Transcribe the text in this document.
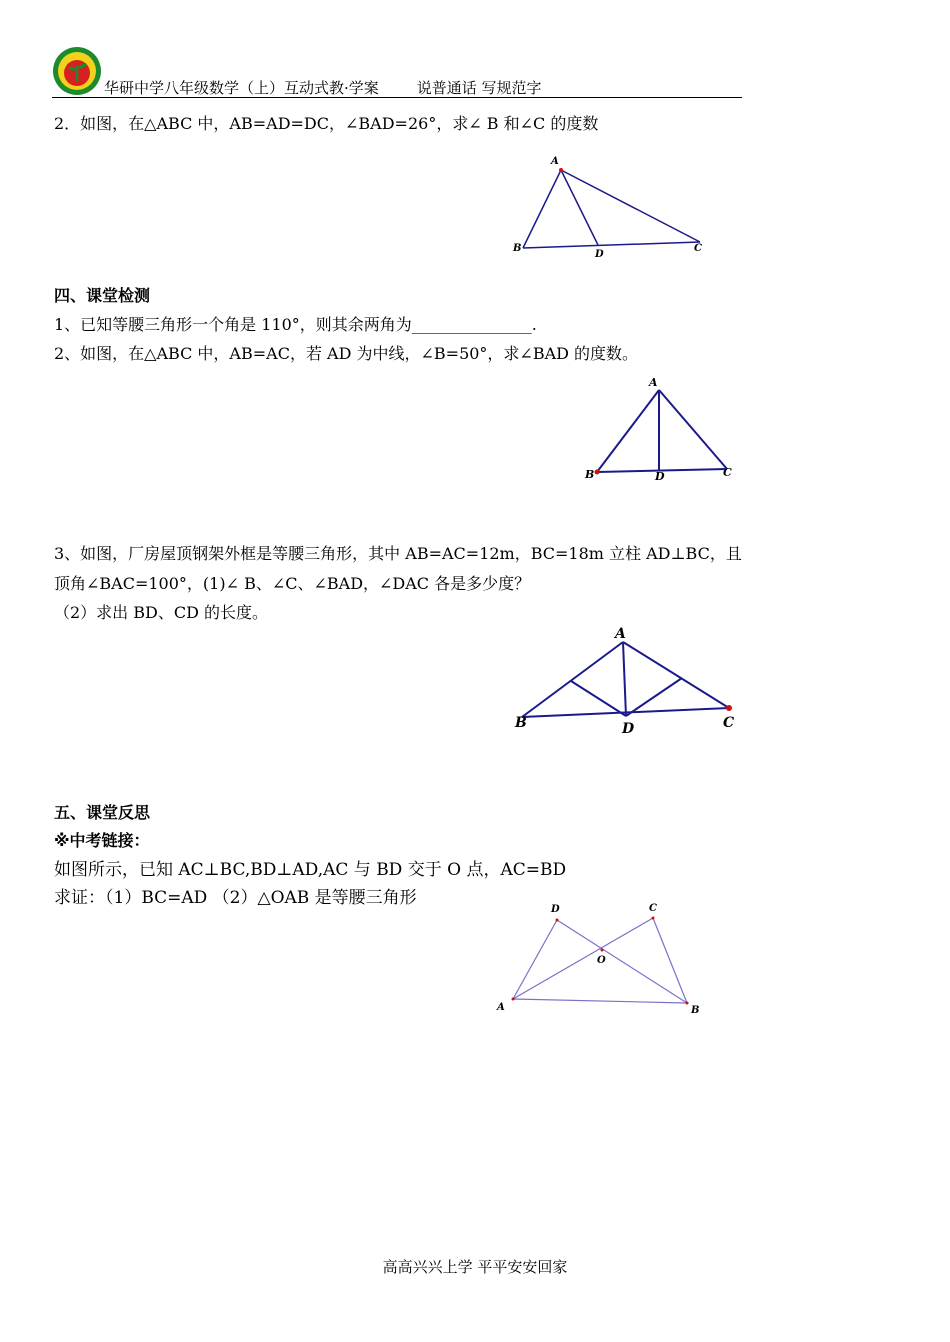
华研中学八年级数学（上）互动式教·学案	说普通话 写规范字
2．如图，在△ABC 中，AB=AD=DC，∠BAD=26°，求∠ B 和∠C 的度数
A
B	C
D
四、课堂检测
1、已知等腰三角形一个角是 110°，则其余两角为_______________.
2、如图，在△ABC 中，AB=AC，若 AD 为中线，∠B=50°，求∠BAD 的度数。
A
B	C
D
3、如图，厂房屋顶钢架外框是等腰三角形，其中 AB=AC=12m，BC=18m 立柱 AD⊥BC，且
顶角∠BAC=100°，(1)∠ B、∠C、∠BAD，∠DAC 各是多少度？
（2）求出 BD、CD 的长度。
A
B	C
D
五、课堂反思
※中考链接：
如图所示，已知 AC⊥BC,BD⊥AD,AC 与 BD 交于 O 点，AC=BD
求证：（1）BC=AD （2）△OAB 是等腰三角形
A	B
C
D
O
高高兴兴上学 平平安安回家
